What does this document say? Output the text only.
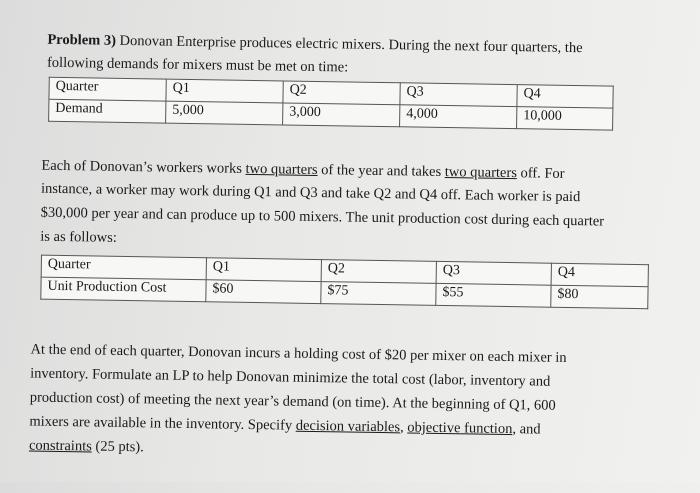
Problem 3) Donovan Enterprise produces electric mixers. During the next four quarters, the
following demands for mixers must be met on time:
Quarter	Q1	Q2	Q3	Q4
Demand	5,000	3,000	4,000	10,000
Each of Donovan’s workers works two quarters of the year and takes two quarters off. For
instance, a worker may work during Q1 and Q3 and take Q2 and Q4 off. Each worker is paid
$30,000 per year and can produce up to 500 mixers. The unit production cost during each quarter
is as follows:
Quarter	Q1	Q2	Q3	Q4
Unit Production Cost	$60	$75	$55	$80
At the end of each quarter, Donovan incurs a holding cost of $20 per mixer on each mixer in
inventory. Formulate an LP to help Donovan minimize the total cost (labor, inventory and
production cost) of meeting the next year’s demand (on time). At the beginning of Q1, 600
mixers are available in the inventory. Specify decision variables, objective function, and
constraints (25 pts).
